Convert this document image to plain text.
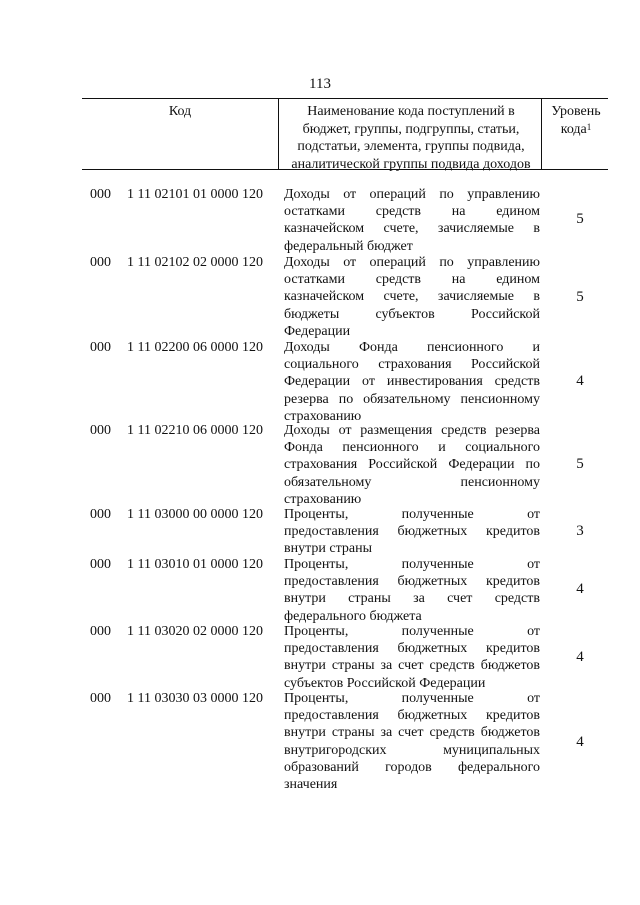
113
Код	Наименование кода поступлений в
бюджет, группы, подгруппы, статьи,
подстатьи, элемента, группы подвида,
аналитической группы подвида доходов
Уровень
кода$^1$
000 1 11 02101 01 0000 120 Доходы от операций по управлению
остатками средств на едином
казначейском счете, зачисляемые в
федеральный бюджет
5
000 1 11 02102 02 0000 120 Доходы от операций по управлению
остатками средств на едином
казначейском счете, зачисляемые в
бюджеты субъектов Российской
Федерации
5
000 1 11 02200 06 0000 120 Доходы Фонда пенсионного и
социального страхования Российской
Федерации от инвестирования средств
резерва по обязательному пенсионному
страхованию
4
000 1 11 02210 06 0000 120 Доходы от размещения средств резерва
Фонда пенсионного и социального
страхования Российской Федерации по
обязательному пенсионному
страхованию
5
000 1 11 03000 00 0000 120 Проценты, полученные от
предоставления бюджетных кредитов
внутри страны
3
000 1 11 03010 01 0000 120 Проценты, полученные от
предоставления бюджетных кредитов
внутри страны за счет средств
федерального бюджета
4
000 1 11 03020 02 0000 120 Проценты, полученные от
предоставления бюджетных кредитов
внутри страны за счет средств бюджетов
субъектов Российской Федерации
4
000 1 11 03030 03 0000 120 Проценты, полученные от
предоставления бюджетных кредитов
внутри страны за счет средств бюджетов
внутригородских муниципальных
образований городов федерального
значения
4
